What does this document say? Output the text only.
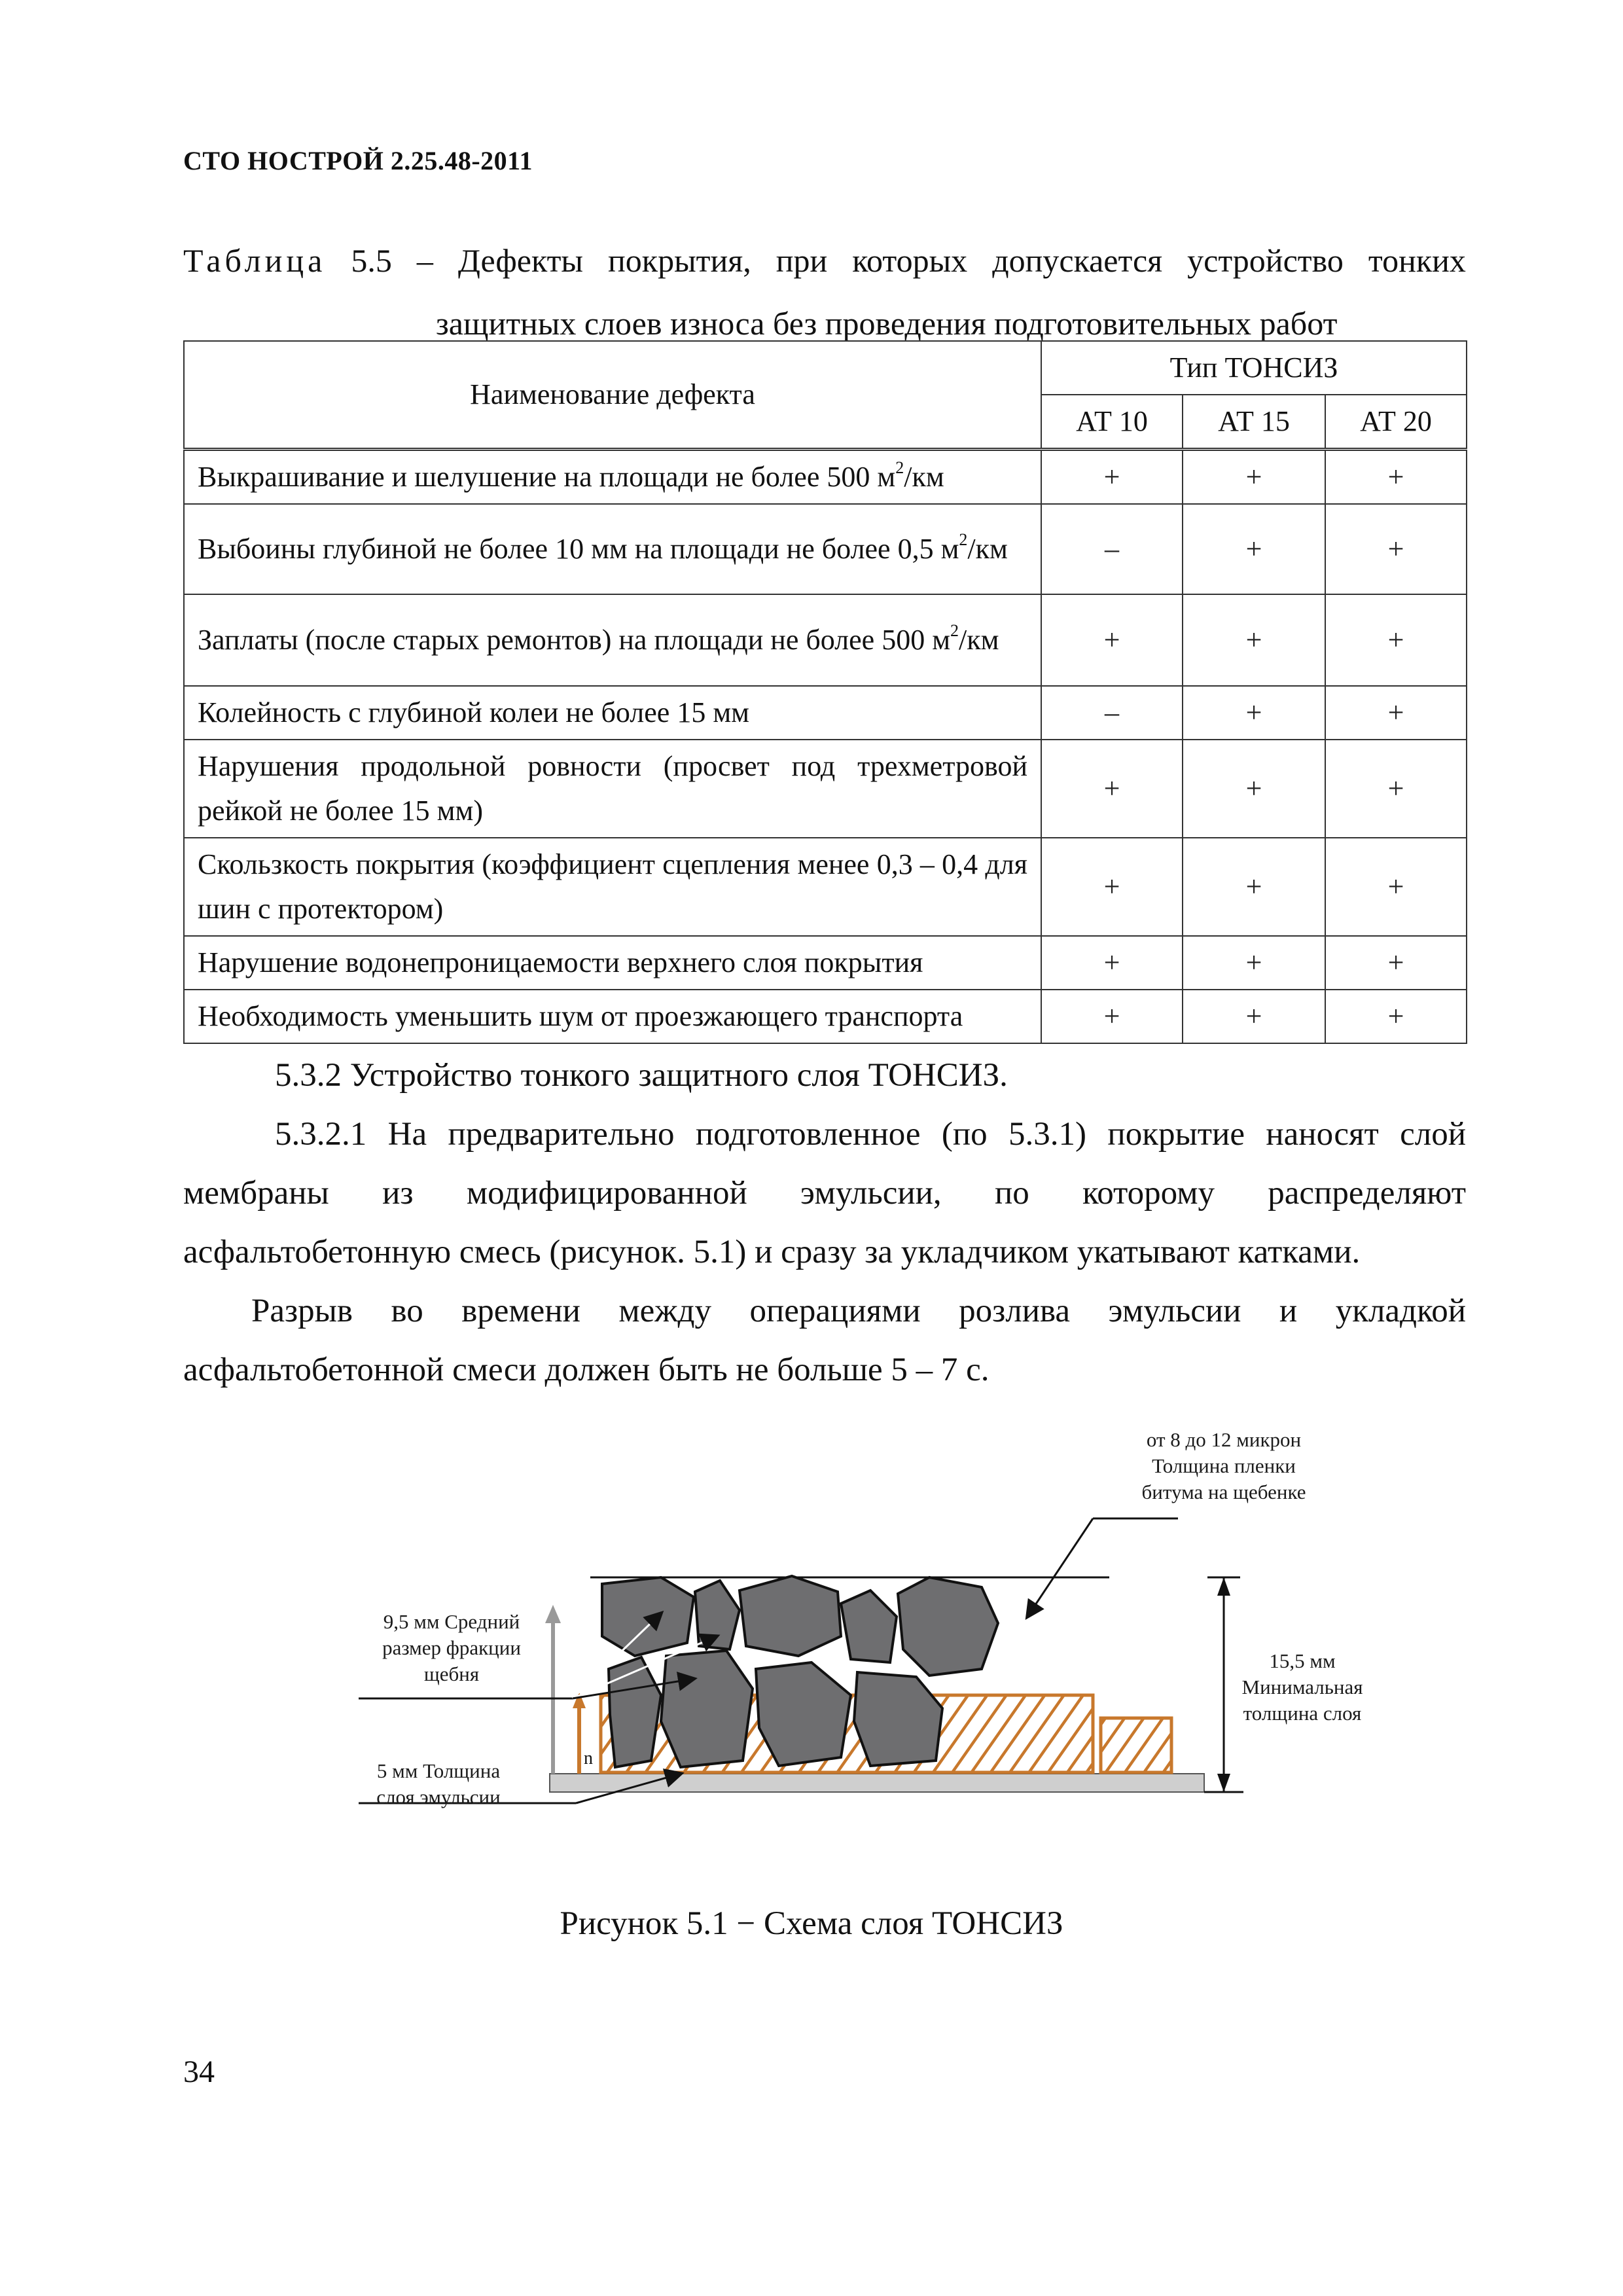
СТО НОСТРОЙ 2.25.48-2011
Таблица 5.5 – Дефекты покрытия, при которых допускается устройство тонких
защитных слоев износа без проведения подготовительных работ
Наименование дефекта	Тип ТОНСИЗ		
	АТ 10	АТ 15	АТ 20
Выкрашивание и шелушение на площади не более 500 $м^2/км$	+	+	+
Выбоины глубиной не более 10 мм на площади не более 0,5 $м^2/км$	–	+	+
Заплаты (после старых ремонтов) на площади не более 500 $м^2/км$	+	+	+
Колейность с глубиной колеи не более 15 мм	–	+	+
Нарушения продольной ровности (просвет под трехметровой рейкой не более 15 мм)	+	+	+
Скользкость покрытия (коэффициент сцепления менее 0,3 – 0,4 для шин с протектором)	+	+	+
Нарушение водонепроницаемости верхнего слоя покрытия	+	+	+
Необходимость уменьшить шум от проезжающего транспорта	+	+	+
5.3.2 Устройство тонкого защитного слоя ТОНСИЗ.
5.3.2.1 На предварительно подготовленное (по 5.3.1) покрытие наносят слой мембраны из модифицированной эмульсии, по которому распределяют асфальтобетонную смесь (рисунок. 5.1) и сразу за укладчиком укатывают катками.
Разрыв во времени между операциями розлива эмульсии и укладкой асфальтобетонной смеси должен быть не больше 5 – 7 с.
n
от 8 до 12 микрон
Толщина пленки
битума на щебенке
9,5 мм Средний
размер фракции
щебня
15,5 мм
Минимальная
толщина слоя
5 мм Толщина
слоя эмульсии
Рисунок 5.1 − Схема слоя ТОНСИЗ
34
